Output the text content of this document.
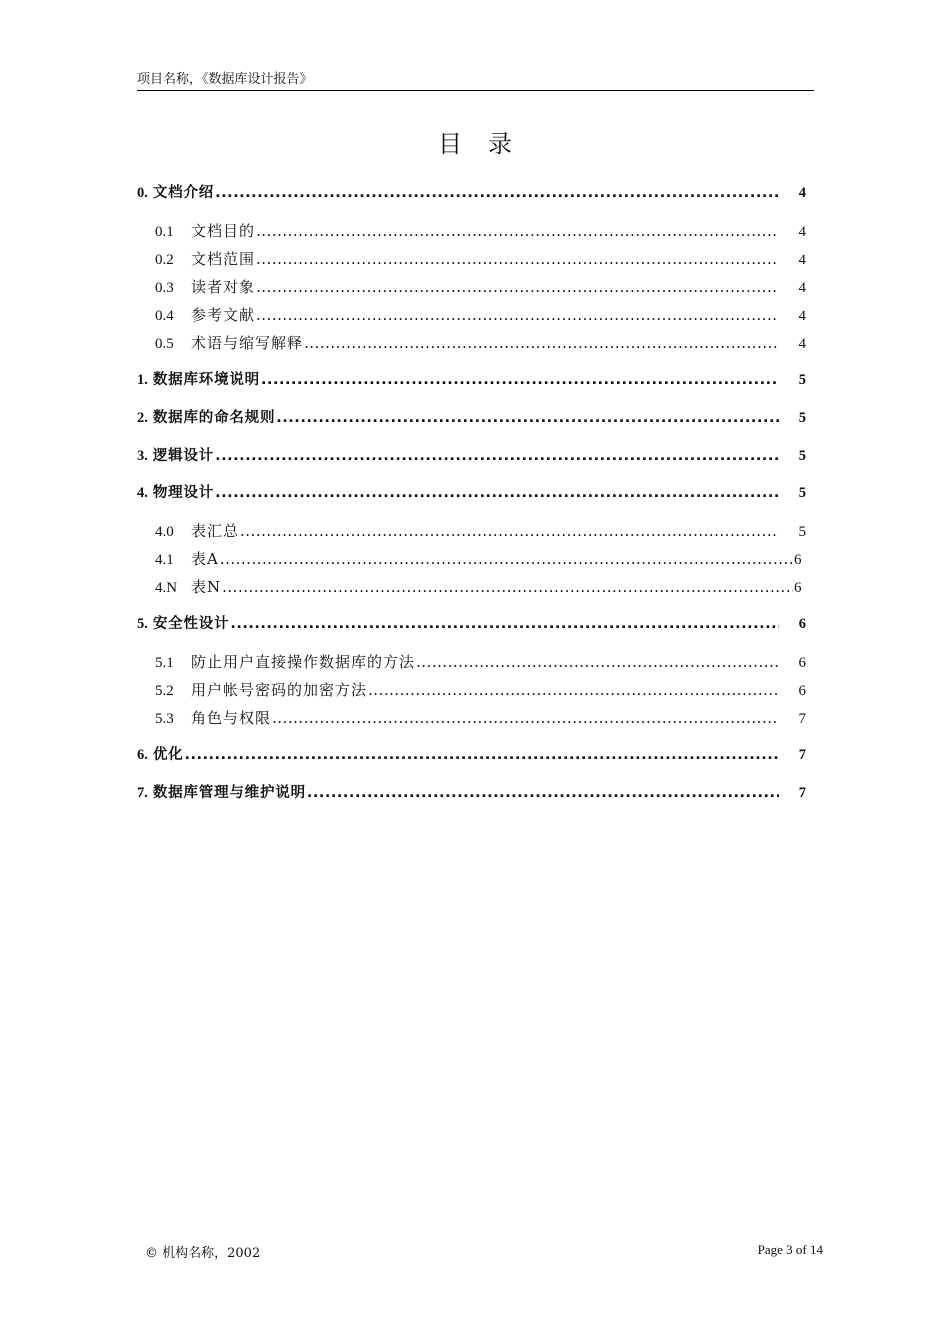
项目名称，《数据库设计报告》
目录
0. 文档介绍 .....	4
0.1	文档目的 .....	4
0.2	文档范围 .....	4
0.3	读者对象 .....	4
0.4	参考文献 .....	4
0.5	术语与缩写解释 .....	4
1. 数据库环境说明 .....	5
2. 数据库的命名规则 .....	5
3. 逻辑设计 .....	5
4. 物理设计 .....	5
4.0	表汇总 .....	5
4.1	表A .....	6
4.N 表N .....	6
5. 安全性设计 .....	6
5.1	防止用户直接操作数据库的方法 .....	6
5.2	用户帐号密码的加密方法 .....	6
5.3	角色与权限 .....	7
6. 优化 .....	7
7. 数据库管理与维护说明 .....	7
© 机构名称，2002	Page 3 of 14
